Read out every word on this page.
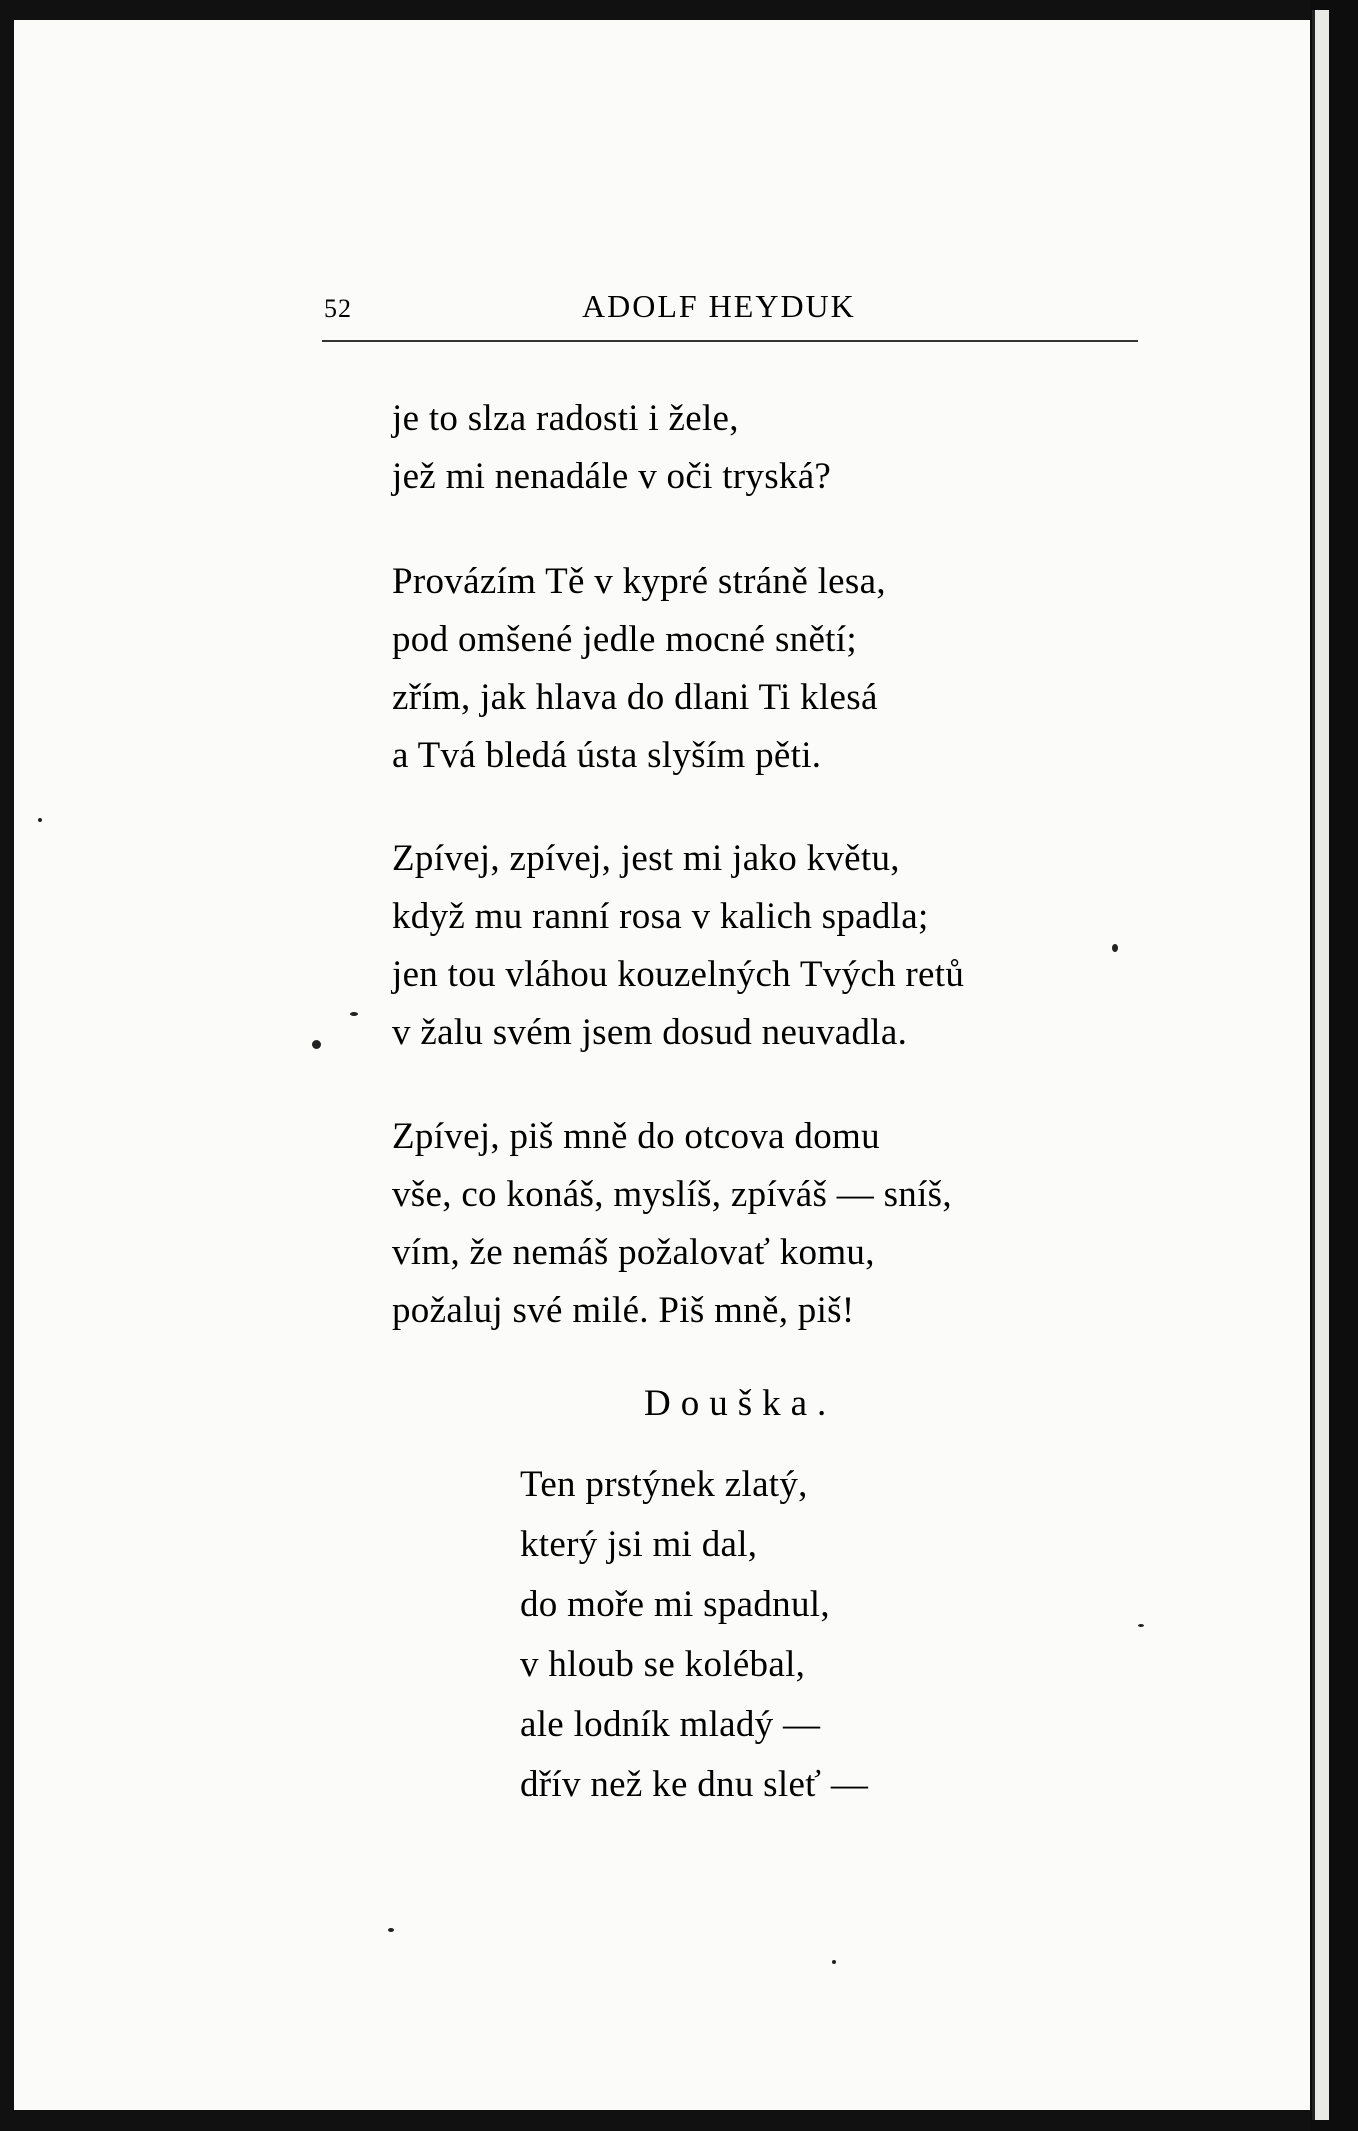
52	ADOLF HEYDUK
je to slza radosti i žele,
jež mi nenadále v oči tryská?
Provázím Tě v kypré stráně lesa,
pod omšené jedle mocné snětí;
zřím, jak hlava do dlani Ti klesá
a Tvá bledá ústa slyším pěti.
Zpívej, zpívej, jest mi jako květu,
když mu ranní rosa v kalich spadla;
jen tou vláhou kouzelných Tvých retů
v žalu svém jsem dosud neuvadla.
Zpívej, piš mně do otcova domu
vše, co konáš, myslíš, zpíváš — sníš,
vím, že nemáš požalovať komu,
požaluj své milé. Piš mně, piš!
Douška.
Ten prstýnek zlatý,
který jsi mi dal,
do moře mi spadnul,
v hloub se kolébal,
ale lodník mladý —
dřív než ke dnu sleť —
